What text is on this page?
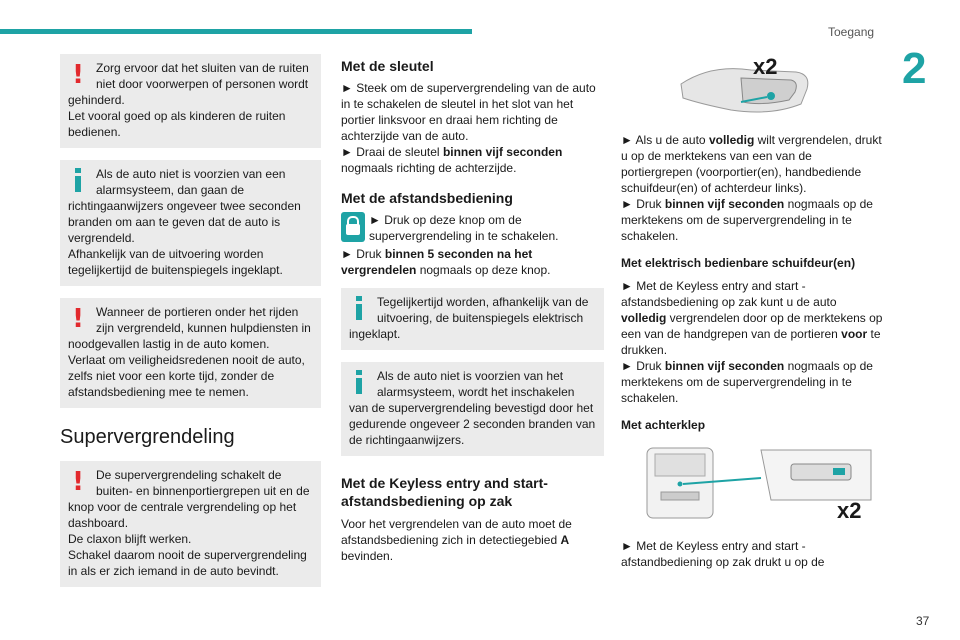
Toegang
2
37
!	Zorg ervoor dat het sluiten van de ruiten niet door voorwerpen of personen wordt gehinderd.

Let vooral goed op als kinderen de ruiten bedienen.

Als de auto niet is voorzien van een alarmsysteem, dan gaan de richtingaanwijzers ongeveer twee seconden branden om aan te geven dat de auto is vergrendeld.

Afhankelijk van de uitvoering worden tegelijkertijd de buitenspiegels ingeklapt.

!	Wanneer de portieren onder het rijden zijn vergrendeld, kunnen hulpdiensten in noodgevallen lastig in de auto komen.

Verlaat om veiligheidsredenen nooit de auto, zelfs niet voor een korte tijd, zonder de afstandsbediening mee te nemen.

Supervergrendeling
!	De supervergrendeling schakelt de buiten- en binnenportiergrepen uit en de knop voor de centrale vergrendeling op het dashboard.

De claxon blijft werken.

Schakel daarom nooit de supervergrendeling in als er zich iemand in de auto bevindt.

Met de sleutel

► Steek om de supervergrendeling van de auto in te schakelen de sleutel in het slot van het portier linksvoor en draai hem richting de achterzijde van de auto.

► Draai de sleutel binnen vijf seconden nogmaals richting de achterzijde.

Met de afstandsbediening

► Druk op deze knop om de supervergrendeling in te schakelen.

► Druk binnen 5 seconden na het vergrendelen nogmaals op deze knop.

Tegelijkertijd worden, afhankelijk van de uitvoering, de buitenspiegels elektrisch ingeklapt.

Als de auto niet is voorzien van het alarmsysteem, wordt het inschakelen van de supervergrendeling bevestigd door het gedurende ongeveer 2 seconden branden van de richtingaanwijzers.

Met de Keyless entry and start-afstandsbediening op zak

Voor het vergrendelen van de auto moet de afstandsbediening zich in detectiegebied A bevinden.

x2

► Als u de auto volledig wilt vergrendelen, drukt u op de merktekens van een van de portiergrepen (voorportier(en), handbediende schuifdeur(en) of achterdeur links).

► Druk binnen vijf seconden nogmaals op de merktekens om de supervergrendeling in te schakelen.

Met elektrisch bedienbare schuifdeur(en)

► Met de Keyless entry and start -afstandsbediening op zak kunt u de auto volledig vergrendelen door op de merktekens op een van de handgrepen van de portieren voor te drukken.

► Druk binnen vijf seconden nogmaals op de merktekens om de supervergrendeling in te schakelen.

Met achterklep
x2

► Met de Keyless entry and start -afstandbediening op zak drukt u op de
